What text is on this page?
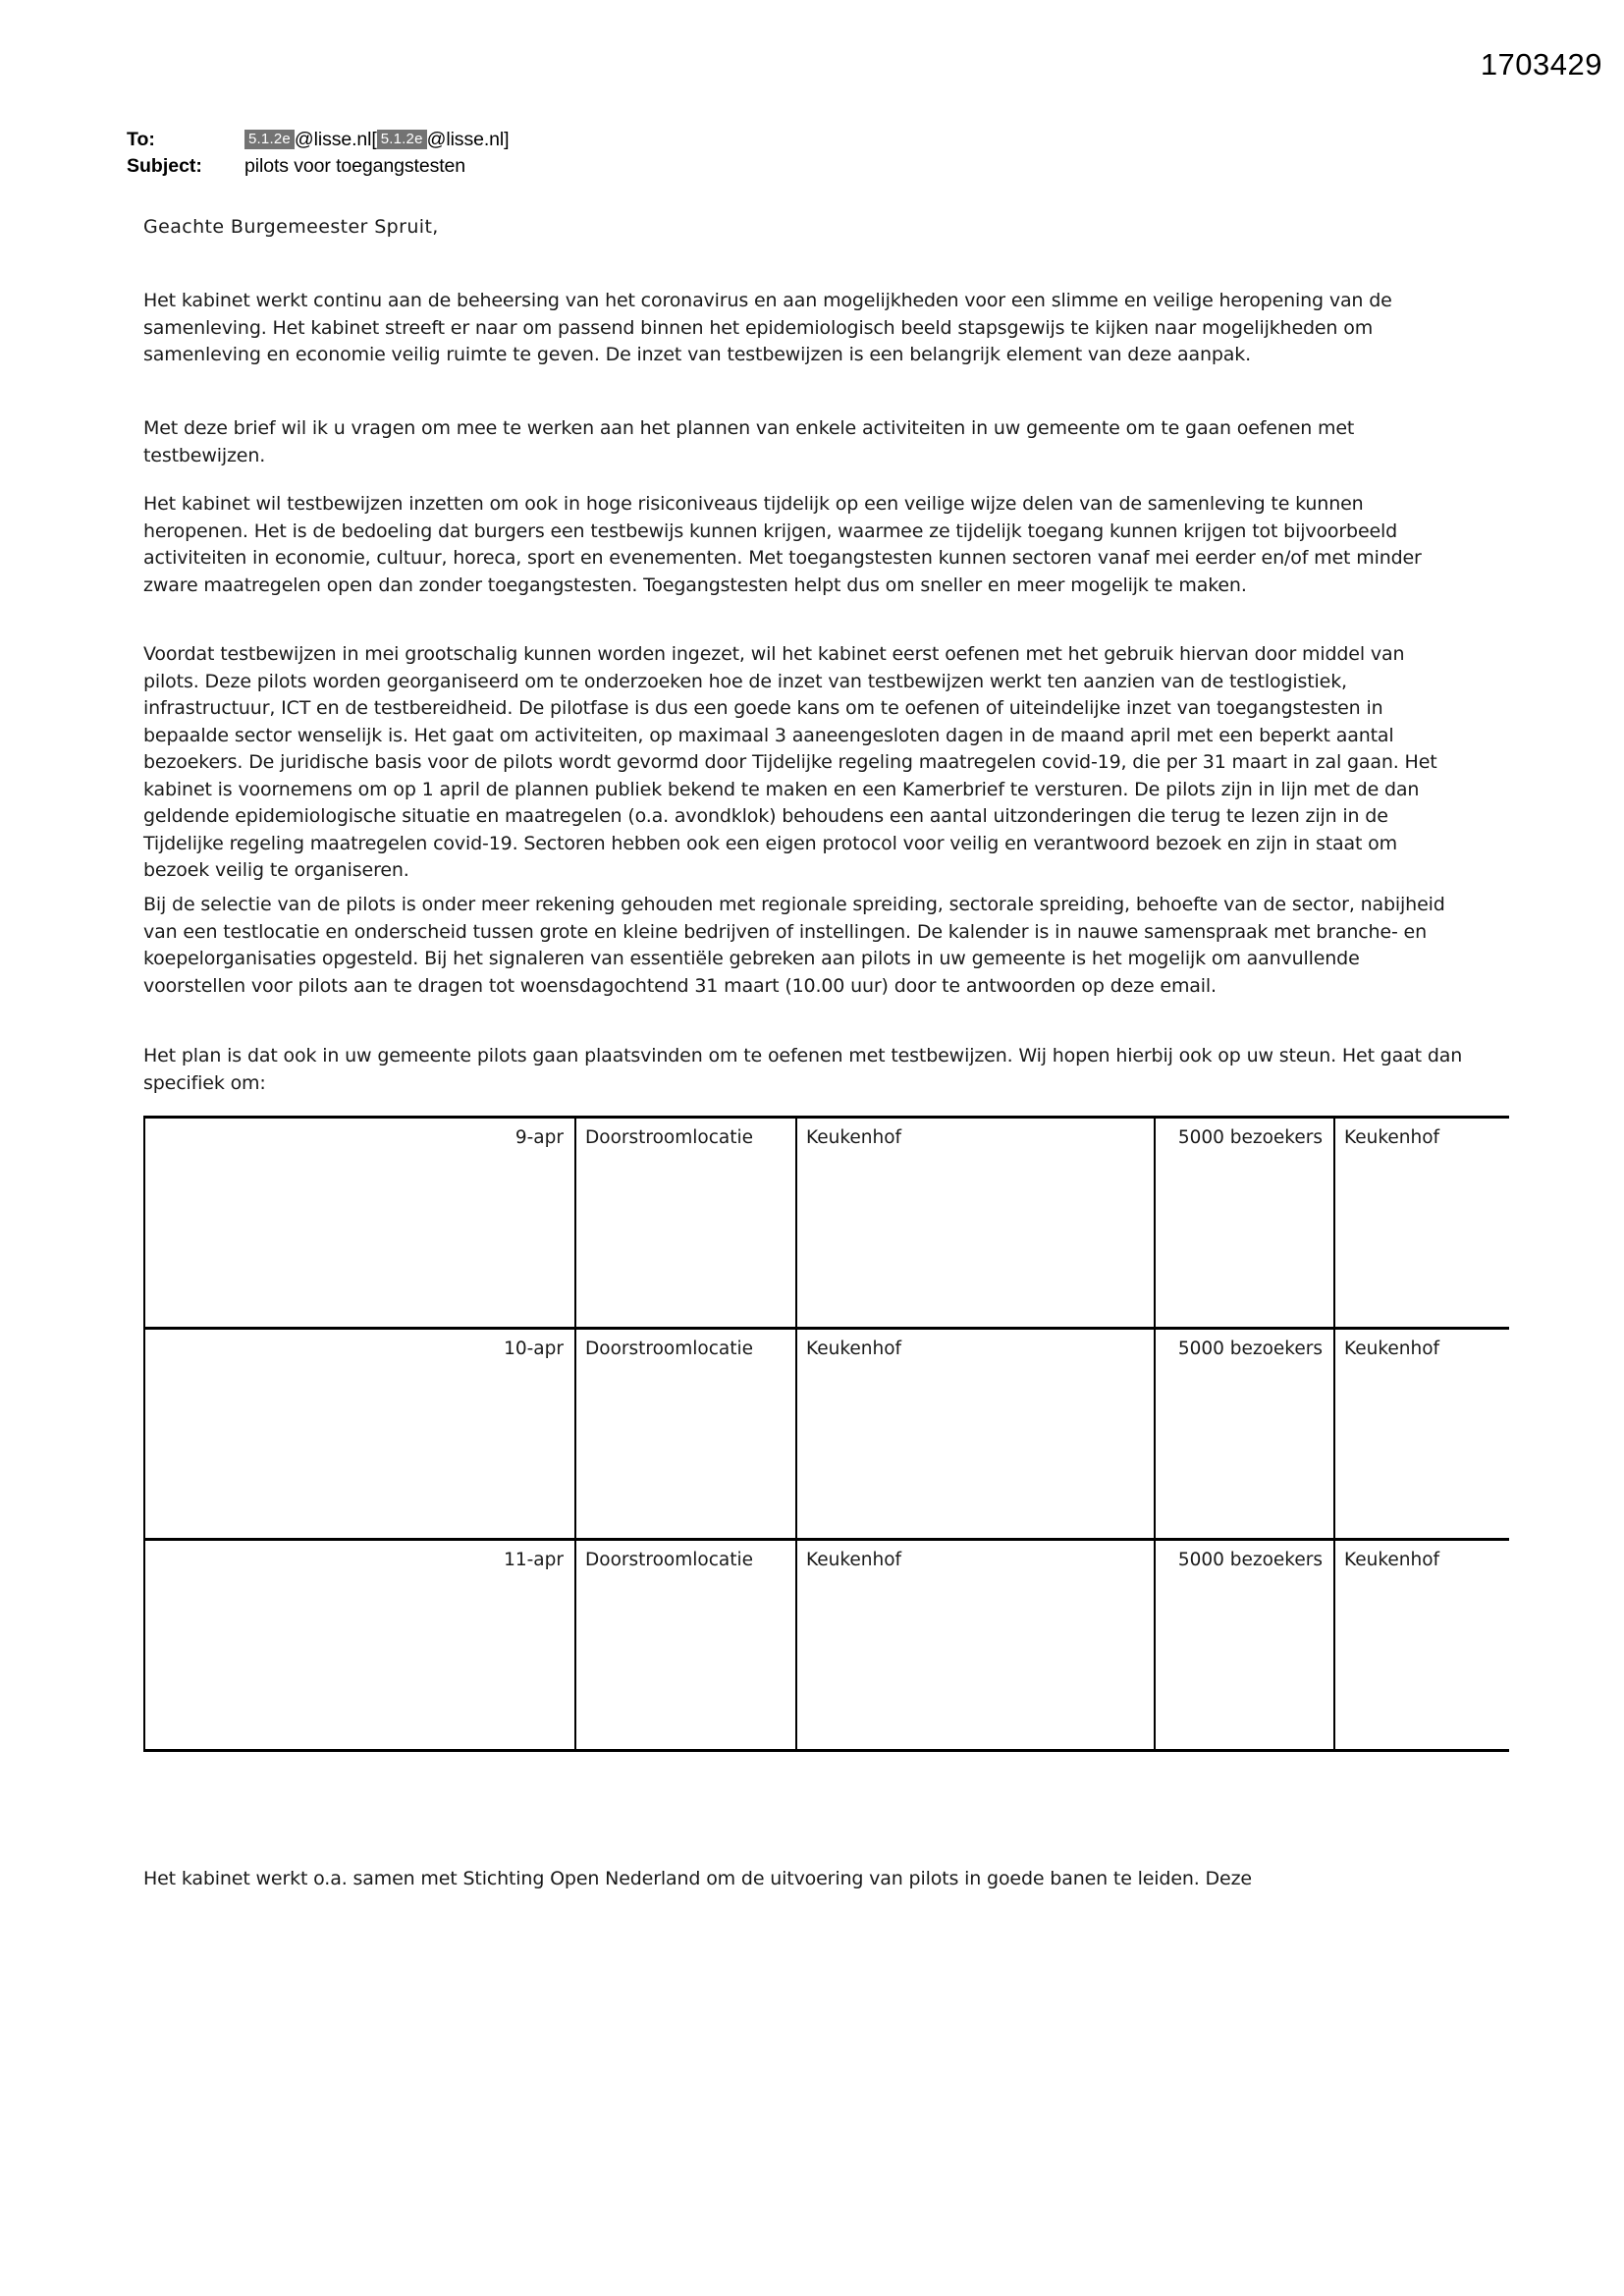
1703429
To:	5.1.2e @lisse.nl[ 5.1.2e @lisse.nl]
Subject:	pilots voor toegangstesten
Geachte Burgemeester Spruit,
Het kabinet werkt continu aan de beheersing van het coronavirus en aan mogelijkheden voor een slimme en veilige heropening van de samenleving. Het kabinet streeft er naar om passend binnen het epidemiologisch beeld stapsgewijs te kijken naar mogelijkheden om samenleving en economie veilig ruimte te geven. De inzet van testbewijzen is een belangrijk element van deze aanpak.
Met deze brief wil ik u vragen om mee te werken aan het plannen van enkele activiteiten in uw gemeente om te gaan oefenen met testbewijzen.
Het kabinet wil testbewijzen inzetten om ook in hoge risiconiveaus tijdelijk op een veilige wijze delen van de samenleving te kunnen heropenen. Het is de bedoeling dat burgers een testbewijs kunnen krijgen, waarmee ze tijdelijk toegang kunnen krijgen tot bijvoorbeeld activiteiten in economie, cultuur, horeca, sport en evenementen. Met toegangstesten kunnen sectoren vanaf mei eerder en/of met minder zware maatregelen open dan zonder toegangstesten. Toegangstesten helpt dus om sneller en meer mogelijk te maken.
Voordat testbewijzen in mei grootschalig kunnen worden ingezet, wil het kabinet eerst oefenen met het gebruik hiervan door middel van pilots. Deze pilots worden georganiseerd om te onderzoeken hoe de inzet van testbewijzen werkt ten aanzien van de testlogistiek, infrastructuur, ICT en de testbereidheid. De pilotfase is dus een goede kans om te oefenen of uiteindelijke inzet van toegangstesten in bepaalde sector wenselijk is. Het gaat om activiteiten, op maximaal 3 aaneengesloten dagen in de maand april met een beperkt aantal bezoekers. De juridische basis voor de pilots wordt gevormd door Tijdelijke regeling maatregelen covid-19, die per 31 maart in zal gaan. Het kabinet is voornemens om op 1 april de plannen publiek bekend te maken en een Kamerbrief te versturen. De pilots zijn in lijn met de dan geldende epidemiologische situatie en maatregelen (o.a. avondklok) behoudens een aantal uitzonderingen die terug te lezen zijn in de Tijdelijke regeling maatregelen covid-19. Sectoren hebben ook een eigen protocol voor veilig en verantwoord bezoek en zijn in staat om bezoek veilig te organiseren.
Bij de selectie van de pilots is onder meer rekening gehouden met regionale spreiding, sectorale spreiding, behoefte van de sector, nabijheid van een testlocatie en onderscheid tussen grote en kleine bedrijven of instellingen. De kalender is in nauwe samenspraak met branche- en koepelorganisaties opgesteld. Bij het signaleren van essentiële gebreken aan pilots in uw gemeente is het mogelijk om aanvullende voorstellen voor pilots aan te dragen tot woensdagochtend 31 maart (10.00 uur) door te antwoorden op deze email.
Het plan is dat ook in uw gemeente pilots gaan plaatsvinden om te oefenen met testbewijzen. Wij hopen hierbij ook op uw steun. Het gaat dan specifiek om:
9-apr	Doorstroomlocatie	Keukenhof	5000 bezoekers	Keukenhof
10-apr	Doorstroomlocatie	Keukenhof	5000 bezoekers	Keukenhof
11-apr	Doorstroomlocatie	Keukenhof	5000 bezoekers	Keukenhof
Het kabinet werkt o.a. samen met Stichting Open Nederland om de uitvoering van pilots in goede banen te leiden. Deze
